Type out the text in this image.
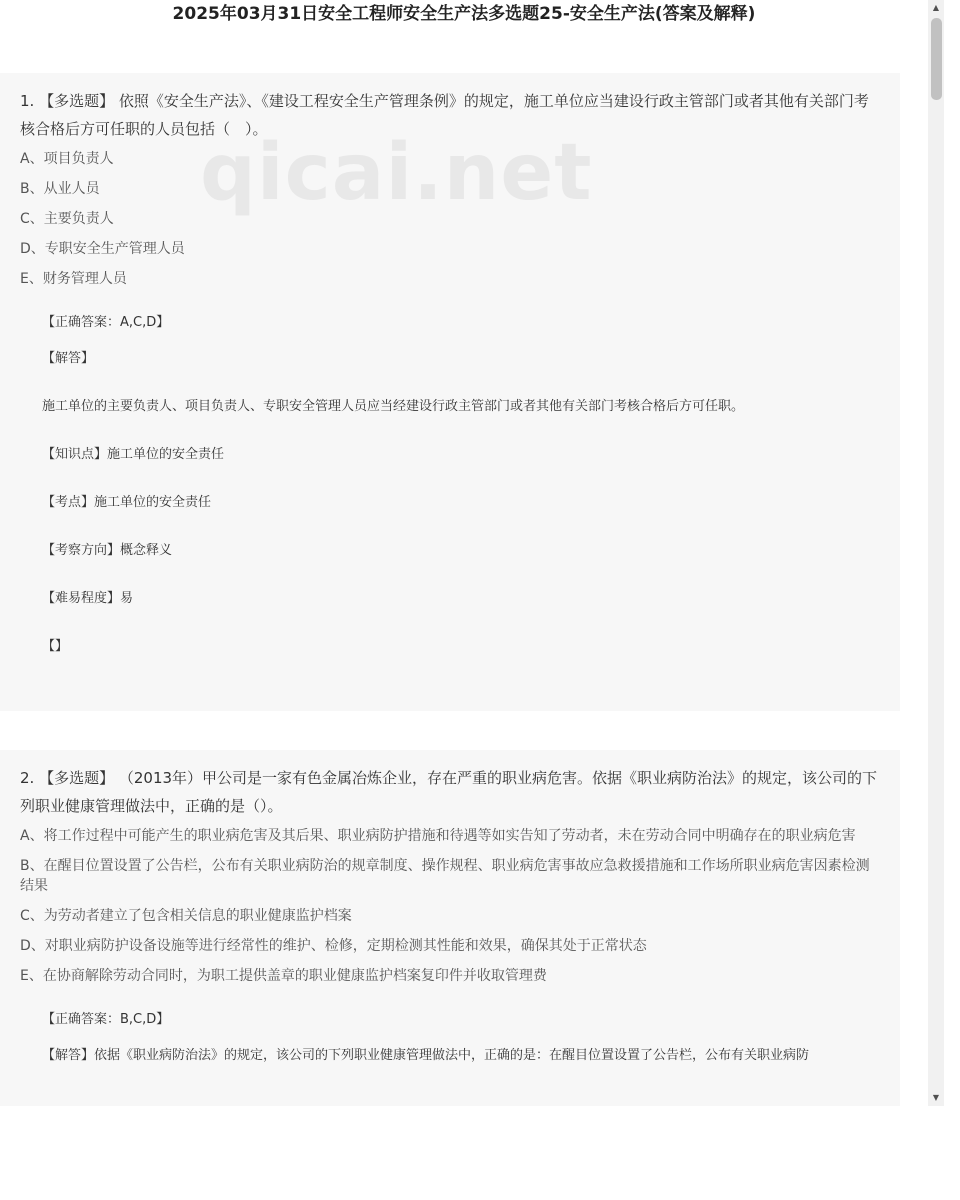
2025年03月31日安全工程师安全生产法多选题25-安全生产法(答案及解释)
1. 【多选题】 依照《安全生产法》、《建设工程安全生产管理条例》的规定，施工单位应当建设行政主管部门或者其他有关部门考核合格后方可任职的人员包括（　）。
A、项目负责人
B、从业人员
C、主要负责人
D、专职安全生产管理人员
E、财务管理人员
【正确答案：A,C,D】
【解答】
施工单位的主要负责人、项目负责人、专职安全管理人员应当经建设行政主管部门或者其他有关部门考核合格后方可任职。
【知识点】施工单位的安全责任
【考点】施工单位的安全责任
【考察方向】概念释义
【难易程度】易
【】
qicai.net
2. 【多选题】 （2013年）甲公司是一家有色金属冶炼企业，存在严重的职业病危害。依据《职业病防治法》的规定，该公司的下列职业健康管理做法中，正确的是（）。
A、将工作过程中可能产生的职业病危害及其后果、职业病防护措施和待遇等如实告知了劳动者，未在劳动合同中明确存在的职业病危害
B、在醒目位置设置了公告栏，公布有关职业病防治的规章制度、操作规程、职业病危害事故应急救援措施和工作场所职业病危害因素检测结果
C、为劳动者建立了包含相关信息的职业健康监护档案
D、对职业病防护设备设施等进行经常性的维护、检修，定期检测其性能和效果，确保其处于正常状态
E、在协商解除劳动合同时，为职工提供盖章的职业健康监护档案复印件并收取管理费
【正确答案：B,C,D】
【解答】依据《职业病防治法》的规定，该公司的下列职业健康管理做法中，正确的是：在醒目位置设置了公告栏，公布有关职业病防
▲
▼
